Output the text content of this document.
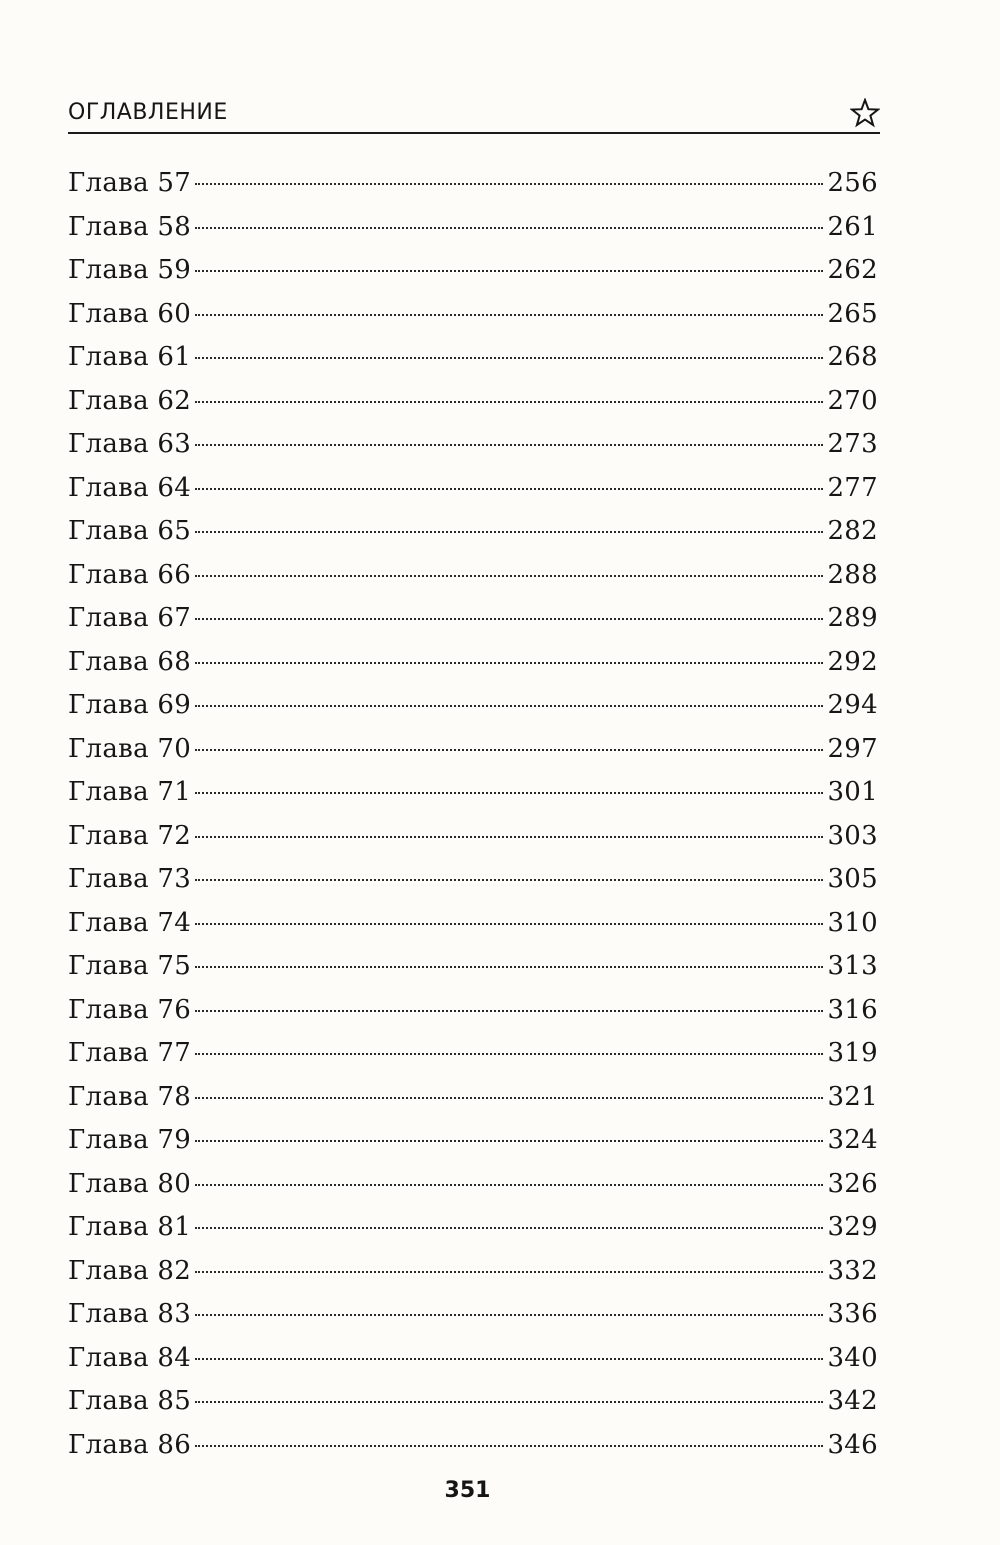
ОГЛАВЛЕНИЕ
Глава 57	256
Глава 58	261
Глава 59	262
Глава 60	265
Глава 61	268
Глава 62	270
Глава 63	273
Глава 64	277
Глава 65	282
Глава 66	288
Глава 67	289
Глава 68	292
Глава 69	294
Глава 70	297
Глава 71	301
Глава 72	303
Глава 73	305
Глава 74	310
Глава 75	313
Глава 76	316
Глава 77	319
Глава 78	321
Глава 79	324
Глава 80	326
Глава 81	329
Глава 82	332
Глава 83	336
Глава 84	340
Глава 85	342
Глава 86	346
351
